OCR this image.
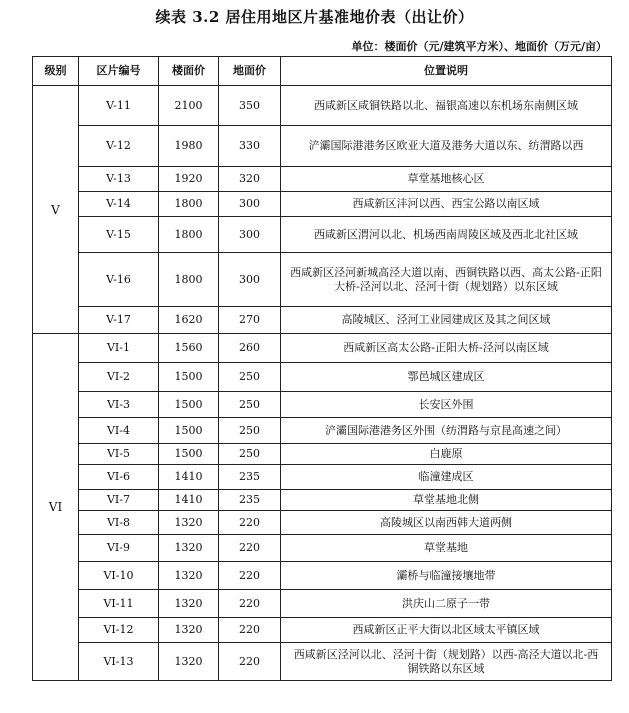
续表 3.2 居住用地区片基准地价表（出让价）
单位：楼面价（元/建筑平方米）、地面价（万元/亩）
级别	区片编号	楼面价	地面价	位置说明
V	V-11	2100	350	西咸新区咸铜铁路以北、福银高速以东机场东南侧区域
	V-12	1980	330	浐灞国际港港务区欧亚大道及港务大道以东、纺渭路以西
	V-13	1920	320	草堂基地核心区
	V-14	1800	300	西咸新区沣河以西、西宝公路以南区域
	V-15	1800	300	西咸新区渭河以北、机场西南周陵区域及西北北社区域
	V-16	1800	300	西咸新区泾河新城高泾大道以南、西铜铁路以西、高太公路-正阳大桥-泾河以北、泾河十街（规划路）以东区域
	V-17	1620	270	高陵城区、泾河工业园建成区及其之间区域
VI	VI-1	1560	260	西咸新区高太公路-正阳大桥-泾河以南区域
	VI-2	1500	250	鄠邑城区建成区
	VI-3	1500	250	长安区外围
	VI-4	1500	250	浐灞国际港港务区外围（纺渭路与京昆高速之间）
	VI-5	1500	250	白鹿原
	VI-6	1410	235	临潼建成区
	VI-7	1410	235	草堂基地北侧
	VI-8	1320	220	高陵城区以南西韩大道两侧
	VI-9	1320	220	草堂基地
	VI-10	1320	220	灞桥与临潼接壤地带
	VI-11	1320	220	洪庆山二原子一带
	VI-12	1320	220	西咸新区正平大街以北区域太平镇区域
	VI-13	1320	220	西咸新区泾河以北、泾河十街（规划路）以西-高泾大道以北-西铜铁路以东区域
